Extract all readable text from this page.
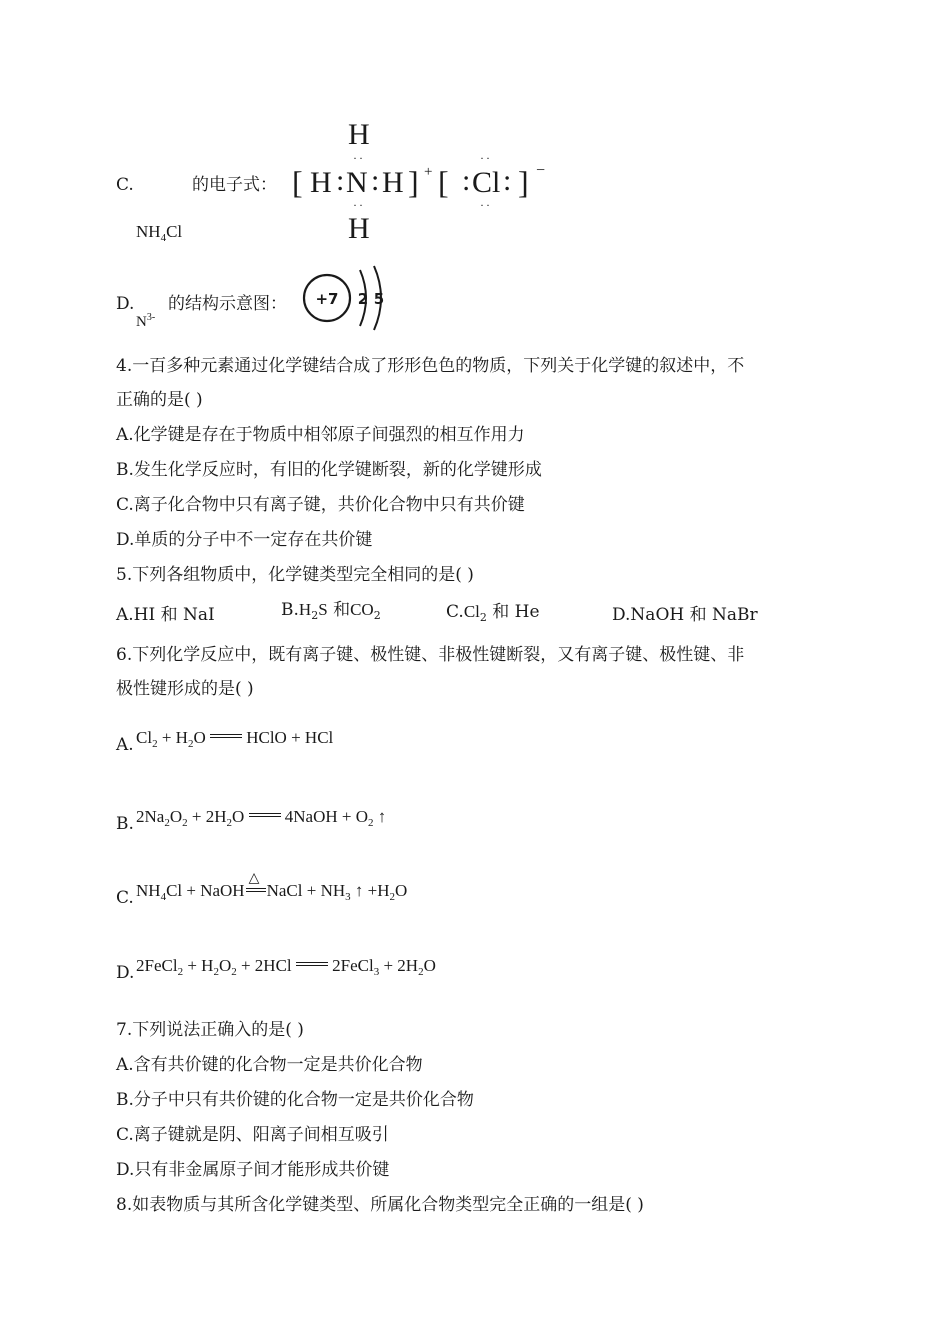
C.	的电子式：
$NH_4Cl$
[
H
··
H : N : H
··
H
] + [
··
: Cl :
··
] −
D.
$N^{3-}$
的结构示意图： +7 2 5
4.一百多种元素通过化学键结合成了形形色色的物质，下列关于化学键的叙述中，不
正确的是( )
A.化学键是存在于物质中相邻原子间强烈的相互作用力
B.发生化学反应时，有旧的化学键断裂，新的化学键形成
C.离子化合物中只有离子键，共价化合物中只有共价键
D.单质的分子中不一定存在共价键
5.下列各组物质中，化学键类型完全相同的是( )
A.HI 和 NaI	$B.H_2S$ 和$CO_2$	$C.Cl_2$ 和 He	D.NaOH 和 NaBr
6.下列化学反应中，既有离子键、极性键、非极性键断裂，又有离子键、极性键、非
极性键形成的是( )
A. $Cl_2 + H_2O$  HClO + HCl
B. $2Na_2O_2 + 2H_2O$  4NaOH + $O_2$ ↑
C. $NH_4Cl$ + NaOH
△
NaCl + $NH_3$ ↑ $+H_2O$
D. 2FeCl$_2$ + $H_2O_2 + 2HCl$  2FeCl$_3$ + $2H_2O$
7.下列说法正确入的是( )
A.含有共价键的化合物一定是共价化合物
B.分子中只有共价键的化合物一定是共价化合物
C.离子键就是阴、阳离子间相互吸引
D.只有非金属原子间才能形成共价键
8.如表物质与其所含化学键类型、所属化合物类型完全正确的一组是( )
